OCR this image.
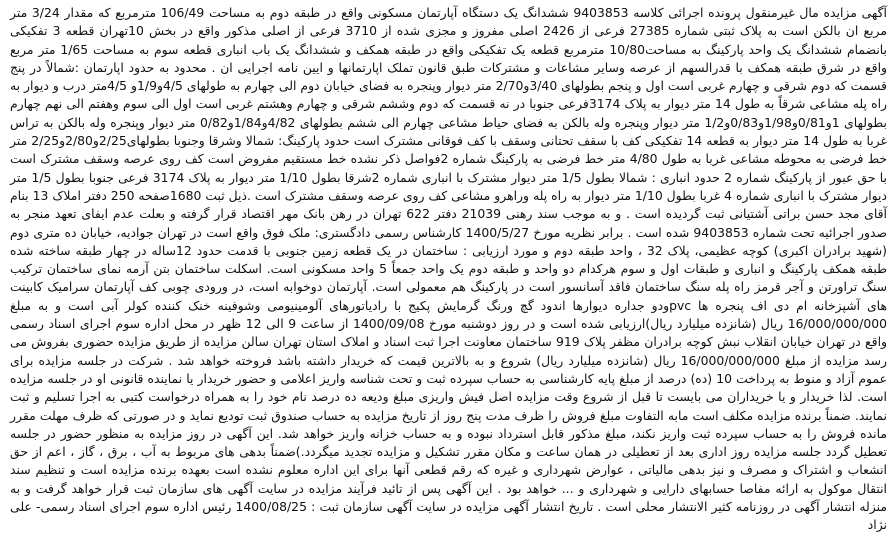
آگهی مزایده مال غیرمنقول پرونده اجرائی کلاسه 9403853 ششدانگ یک دستگاه آپارتمان مسکونی واقع در طبقه دوم به مساحت 106/49 مترمربع که مقدار 3/24 متر مربع ان بالکن است به پلاک ثبتی شماره 27385 فرعی از 2426 اصلی مفروز و مجزی شده از 3710 فرعی از اصلی مذکور واقع در بخش 10تهران قطعه 3 تفکیکی بانضمام ششدانگ یک واحد پارکینگ به مساحت10/80 مترمربع قطعه یک تفکیکی واقع در طبقه همکف و ششدانگ یک باب انباری قطعه سوم به مساحت 1/65 متر مربع واقع در شرق طبقه همکف با قدرالسهم از عرصه وسایر مشاعات و مشترکات طبق قانون تملک اپارتمانها و ایین نامه اجرایی ان . محدود به حدود اپارتمان :شمالاً در پنج قسمت که دوم شرقی و چهارم غربی است اول و پنجم بطولهای 3/40و2/70 متر دیوار وپنجره به فضای خیابان دوم الی چهارم به طولهای 4/5و1/9و 4/5متر درب و دیوار به راه پله مشاعی شرقاً به طول 14 متر دیوار به پلاک 3174فرعی جنوبا در نه قسمت که دوم وششم شرقی و چهارم وهشتم غربی است اول الی سوم وهفتم الی نهم چهارم بطولهای 1و0/81و1/98و0/83و1/2 متر دیوار وپنجره وله بالکن به فضای حیاط مشاعی چهارم الی ششم بطولهای 4/82و1/84و0/82 متر دیوار وپنجره وله بالکن به تراس غربا به طول 14 متر دیوار به قطعه 14 تفکیکی کف با سقف تحتانی وسقف با کف فوقانی مشترک است حدود پارکینگ: شمالا وشرقا وجنوبا بطولهای2/25و2/80و2/25 متر خط فرضی به محوطه مشاعی غربا به طول 4/80 متر خط فرضی به پارکینگ شماره 2فواصل ذکر نشده خط مستقیم مفروض است کف روی عرصه وسقف مشترک است با حق عبور از پارکینگ شماره 2 حدود انباری : شمالا بطول 1/5 متر دیوار مشترک با انباری شماره 2شرقا بطول 1/10 متر دیوار به پلاک 3174 فرعی جنوبا بطول 1/5 متر دیوار مشترک با انباری شماره 4 غربا بطول 1/10 متر دیوار به راه پله وراهرو مشاعی کف روی عرصه وسقف مشترک است .ذیل ثبت 1680صفحه 250 دفتر املاک 13 بنام آقای مجد حسن براتی آشتیانی ثبت گردیده است . و به موجب سند رهنی 21039 دفتر 622 تهران در رهن بانک مهر اقتصاد قرار گرفته و بعلت عدم ایفای تعهد منجر به صدور اجرائیه تحت شماره 9403853 شده است . برابر نظریه مورخ 1400/5/27 کارشناس رسمی دادگستری: ملک فوق واقع است در تهران جوادیه، خیابان ده متری دوم (شهید برادران اکبری) کوچه عظیمی، پلاک 32 ، واحد طبقه دوم و مورد ارزیابی : ساختمان در یک قطعه زمین جنوبی با قدمت حدود 12ساله در چهار طبقه ساخته شده طبقه همکف پارکینگ و انباری و طبقات اول و سوم هرکدام دو واحد و طبقه دوم یک واحد جمعاً 5 واحد مسکونی است. اسکلت ساختمان بتن آرمه نمای ساختمان ترکیب سنگ تراورتن و آجر قرمز راه پله سنگ ساختمان فاقد آسانسور است در پارکینگ هم معمولی است. آپارتمان دوخوابه است، در ورودی چوبی کف آپارتمان سرامیک کابینت های آشپزخانه ام دی اف پنجره ها pvcودو جداره دیوارها اندود گچ ورنگ گرمایش پکیج با رادیاتورهای آلومینیومی وشوفینه خنک کننده کولر آبی است و به مبلغ 16/000/000/000 ریال (شانزده میلیارد ریال)ارزیابی شده است و در روز دوشنبه مورخ 1400/09/08 از ساعت 9 الی 12 ظهر در محل اداره سوم اجرای اسناد رسمی واقع در تهران خیابان انقلاب نبش کوچه برادران مظفر پلاک 919 ساختمان معاونت اجرا ثبت اسناد و املاک استان تهران سالن مزایده از طریق مزایده حضوری بفروش می رسد مزایده از مبلغ 16/000/000/000 ریال (شانزده میلیارد ریال) شروع و به بالاترین قیمت که خریدار داشته باشد فروخته خواهد شد . شرکت در جلسه مزایده برای عموم آزاد و منوط به پرداخت 10 (ده) درصد از مبلغ پایه کارشناسی به حساب سپرده ثبت و تحت شناسه واریز اعلامی و حضور خریدار یا نماینده قانونی او در جلسه مزایده است. لذا خریدار و یا خریداران می بایست تا قبل از شروع وقت مزایده اصل فیش واریزی مبلغ ودیعه ده درصد نام خود را به همراه درخواست کتبی به اجرا تسلیم و ثبت نمایند. ضمناً برنده مزایده مکلف است مابه التفاوت مبلغ فروش را ظرف مدت پنج روز از تاریخ مزایده به حساب صندوق ثبت تودیع نماید و در صورتی که ظرف مهلت مقرر مانده فروش را به حساب سپرده ثبت واریز نکند، مبلغ مذکور قابل استرداد نبوده و به حساب خزانه واریز خواهد شد. این آگهی در روز مزایده به منظور حضور در جلسه تعطیل گردد جلسه مزایده روز اداری بعد از تعطیلی در همان ساعت و مکان مقرر تشکیل و مزایده تجدید میگردد.)ضمناً بدهی های مربوط به آب ، برق ، گاز ، اعم از حق انشعاب و اشتراک و مصرف و نیز بدهی مالیاتی ، عوارض شهرداری و غیره که رقم قطعی آنها برای این اداره معلوم نشده است بعهده برنده مزایده است و تنظیم سند انتقال موکول به ارائه مفاصا حسابهای دارایی و شهرداری و ... خواهد بود . این آگهی پس از تائید فرآیند مزایده در سایت آگهی های سازمان ثبت قرار خواهد گرفت و به منزله انتشار آگهی در روزنامه کثیر الانتشار محلی است . تاریخ انتشار آگهی مزایده در سایت آگهی سازمان ثبت : 1400/08/25 رئیس اداره سوم اجرای اسناد رسمی- علی نژاد
